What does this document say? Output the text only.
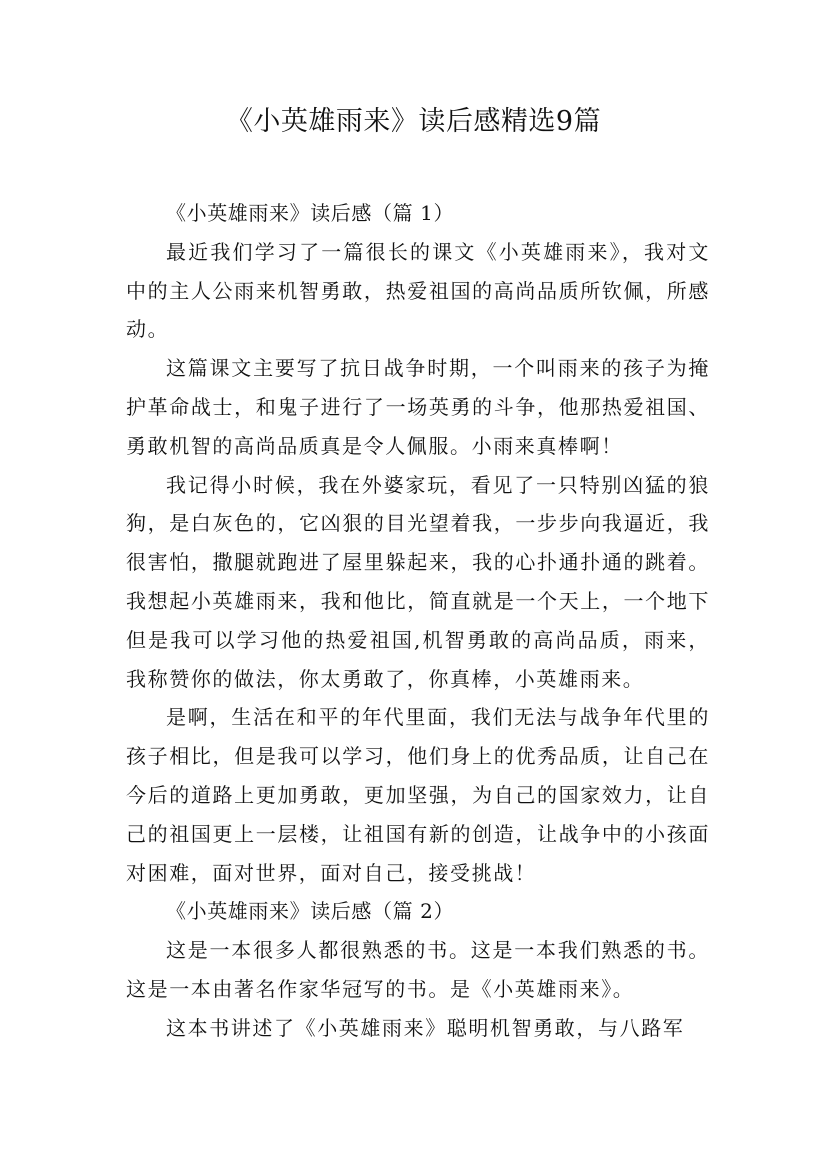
《小英雄雨来》读后感精选9篇

《小英雄雨来》读后感（篇 1）

最近我们学习了一篇很长的课文《小英雄雨来》，我对文中的主人公雨来机智勇敢，热爱祖国的高尚品质所钦佩，所感动。

这篇课文主要写了抗日战争时期，一个叫雨来的孩子为掩护革命战士，和鬼子进行了一场英勇的斗争，他那热爱祖国、勇敢机智的高尚品质真是令人佩服。小雨来真棒啊！

我记得小时候，我在外婆家玩，看见了一只特别凶猛的狼狗，是白灰色的，它凶狠的目光望着我，一步步向我逼近，我很害怕，撒腿就跑进了屋里躲起来，我的心扑通扑通的跳着。我想起小英雄雨来，我和他比，简直就是一个天上，一个地下但是我可以学习他的热爱祖国,机智勇敢的高尚品质，雨来，我称赞你的做法，你太勇敢了，你真棒，小英雄雨来。

是啊，生活在和平的年代里面，我们无法与战争年代里的孩子相比，但是我可以学习，他们身上的优秀品质，让自己在今后的道路上更加勇敢，更加坚强，为自己的国家效力，让自己的祖国更上一层楼，让祖国有新的创造，让战争中的小孩面对困难，面对世界，面对自己，接受挑战！

《小英雄雨来》读后感（篇 2）

这是一本很多人都很熟悉的书。这是一本我们熟悉的书。这是一本由著名作家华冠写的书。是《小英雄雨来》。

这本书讲述了《小英雄雨来》聪明机智勇敢，与八路军
